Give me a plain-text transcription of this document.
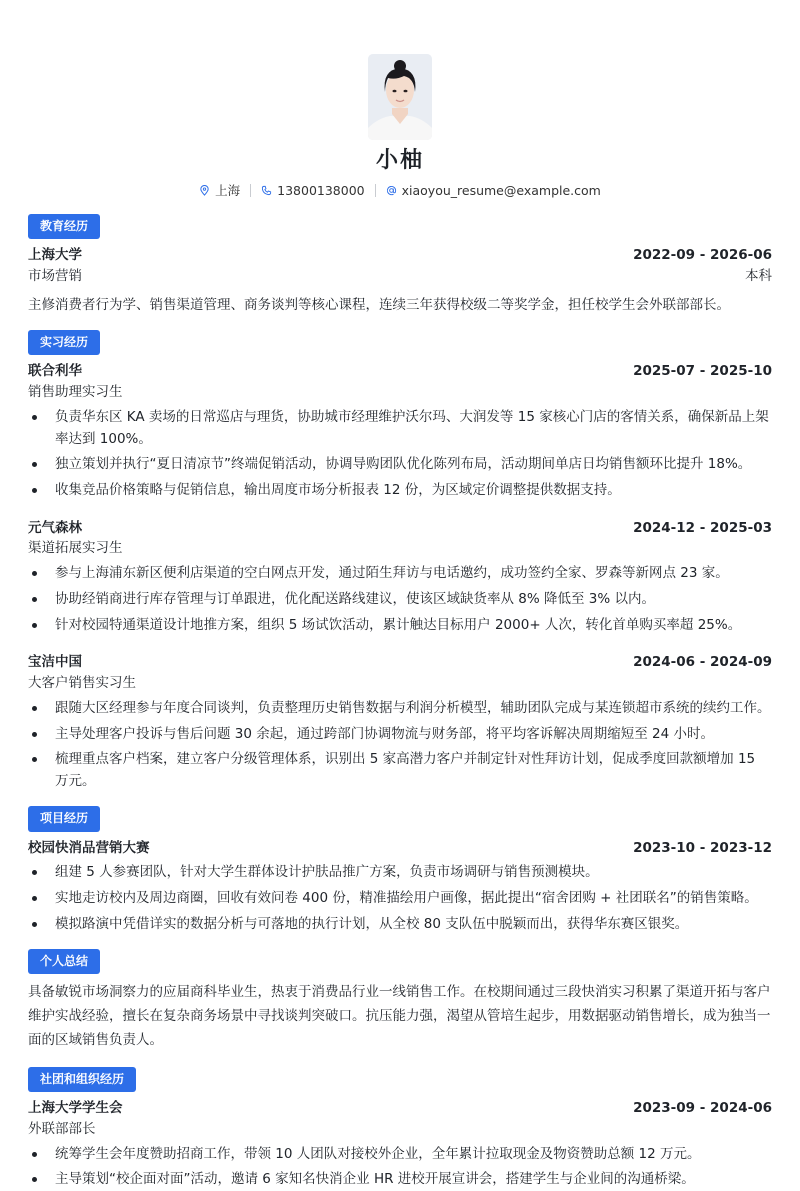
小柚
上海	13800138000	xiaoyou_resume@example.com
教育经历
上海大学	2022-09 - 2026-06
市场营销	本科
主修消费者行为学、销售渠道管理、商务谈判等核心课程，连续三年获得校级二等奖学金，担任校学生会外联部部长。
实习经历
联合利华	2025-07 - 2025-10
销售助理实习生
负责华东区 KA 卖场的日常巡店与理货，协助城市经理维护沃尔玛、大润发等 15 家核心门店的客情关系，确保新品上架率达到 100%。
独立策划并执行“夏日清凉节”终端促销活动，协调导购团队优化陈列布局，活动期间单店日均销售额环比提升 18%。
收集竞品价格策略与促销信息，输出周度市场分析报表 12 份，为区域定价调整提供数据支持。
元气森林	2024-12 - 2025-03
渠道拓展实习生
参与上海浦东新区便利店渠道的空白网点开发，通过陌生拜访与电话邀约，成功签约全家、罗森等新网点 23 家。
协助经销商进行库存管理与订单跟进，优化配送路线建议，使该区域缺货率从 8% 降低至 3% 以内。
针对校园特通渠道设计地推方案，组织 5 场试饮活动，累计触达目标用户 2000+ 人次，转化首单购买率超 25%。
宝洁中国	2024-06 - 2024-09
大客户销售实习生
跟随大区经理参与年度合同谈判，负责整理历史销售数据与利润分析模型，辅助团队完成与某连锁超市系统的续约工作。
主导处理客户投诉与售后问题 30 余起，通过跨部门协调物流与财务部，将平均客诉解决周期缩短至 24 小时。
梳理重点客户档案，建立客户分级管理体系，识别出 5 家高潜力客户并制定针对性拜访计划，促成季度回款额增加 15 万元。
项目经历
校园快消品营销大赛	2023-10 - 2023-12
组建 5 人参赛团队，针对大学生群体设计护肤品推广方案，负责市场调研与销售预测模块。
实地走访校内及周边商圈，回收有效问卷 400 份，精准描绘用户画像，据此提出“宿舍团购 + 社团联名”的销售策略。
模拟路演中凭借详实的数据分析与可落地的执行计划，从全校 80 支队伍中脱颖而出，获得华东赛区银奖。
个人总结
具备敏锐市场洞察力的应届商科毕业生，热衷于消费品行业一线销售工作。在校期间通过三段快消实习积累了渠道开拓与客户维护实战经验，擅长在复杂商务场景中寻找谈判突破口。抗压能力强，渴望从管培生起步，用数据驱动销售增长，成为独当一面的区域销售负责人。
社团和组织经历
上海大学学生会	2023-09 - 2024-06
外联部部长
统筹学生会年度赞助招商工作，带领 10 人团队对接校外企业，全年累计拉取现金及物资赞助总额 12 万元。
主导策划“校企面对面”活动，邀请 6 家知名快消企业 HR 进校开展宣讲会，搭建学生与企业间的沟通桥梁。
